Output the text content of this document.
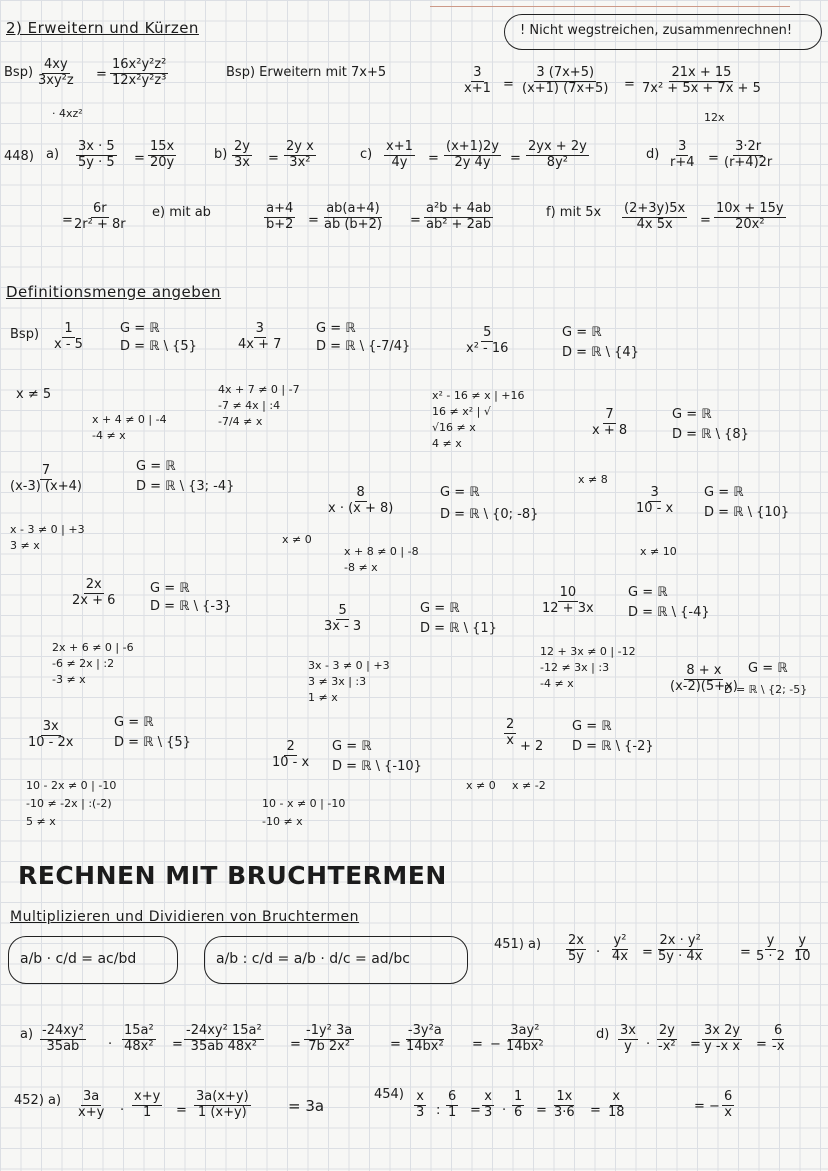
2) Erweitern und Kürzen	! Nicht wegstreichen, zusammenrechnen!
$Bsp) \frac{4xy}{\text{3xy²z}} = \frac{\text{16x²y²z²}}{\text{12x²y²z³}}$
· 4xz²
Bsp) Erweitern mit 7x+5	$\frac{3}{x+1} = \frac{3 (7x+5)}{(x+1) (7x+5)} = \frac{21x + 15}{\text{7x² + 5x + 7x + 5}}$
12x
448) $a) \frac{3x \cdot 5}{5y \cdot 5} = \frac{15x}{20y}$	$b) \frac{2y}{3x} = \frac{\text{2y x}}{\text{3x²}}$	$c) \frac{x+1}{4y} = \frac{(x+1)2y}{2y 4y} = \frac{2yx + 2y}{\text{8y²}}$	$d) \frac{3}{r+4} = \frac{3\cdot 2r}{(r+4)2r}$
= $\frac{6r}{\text{2r² + 8r}} e$) mit ab	$\frac{a+4}{b+2} = \frac{ab(a+4)}{ab (b+2)} = \frac{\text{a²b + 4ab}}{\text{ab² + 2ab}}$	f) mit $5x \frac{(2+3y)5x}{4x 5x} = \frac{10x + 15y}{\text{20x²}}$
Definitionsmenge angeben
$Bsp) \frac{1}{x - 5}$	G = ℝ
D = ℝ \ {5}
x ≠ 5
$\frac{3}{4x + 7}$	G = ℝ
D = ℝ \ {-7/4}
4x + 7 ≠ 0 | -7
-7 ≠ 4x | :4
-7/4 ≠ x
$\frac{5}{\text{x² - 16}}$	G = ℝ
D = ℝ \ {4}
x² - 16 ≠ x | +16
16 ≠ x² | √
√16 ≠ x
4 ≠ x
x + 4 ≠ 0 | -4
-4 ≠ x
$\frac{7}{(x-3) (x+4)}$	G = ℝ
D = ℝ \ {3; -4}
x - 3 ≠ 0 | +3
3 ≠ x
$\frac{7}{x + 8}$	G = ℝ
D = ℝ \ {8}
x ≠ 8
$\frac{8}{x \cdot (x + 8)}$	G = ℝ
D = ℝ \ {0; -8}
x ≠ 0
x + 8 ≠ 0 | -8
-8 ≠ x
$\frac{3}{10 - x}$ G = ℝ
D = ℝ \ {10}
x ≠ 10
$\frac{2x}{2x + 6}$	G = ℝ
D = ℝ \ {-3}
2x + 6 ≠ 0 | -6
-6 ≠ 2x | :2
-3 ≠ x
$\frac{5}{3x - 3}$	G = ℝ
D = ℝ \ {1}
3x - 3 ≠ 0 | +3
3 ≠ 3x | :3
1 ≠ x
$\frac{10}{12 + 3x}$ G = ℝ
D = ℝ \ {-4}
12 + 3x ≠ 0 | -12
-12 ≠ 3x | :3
-4 ≠ x	$\frac{8 + x}{(x-2)(5+x)}$ G = ℝ
D = ℝ \ {2; -5}
$\frac{3x}{10 - 2x}$	G = ℝ
D = ℝ \ {5}
10 - 2x ≠ 0 | -10
-10 ≠ -2x | :(-2)
5 ≠ x
$\frac{2}{10 - x}$ G = ℝ
D = ℝ \ {-10}
10 - x ≠ 0 | -10
-10 ≠ x
$\frac{2}{x} + 2$
G = ℝ
D = ℝ \ {-2}
x ≠ 0 x ≠ -2
RECHNEN MIT BRUCHTERMEN
Multiplizieren und Dividieren von Bruchtermen
a/b · c/d = ac/bd	a/b : c/d = a/b · d/c = ad/bc
451) $a) \frac{2x}{5y} \cdot \frac{\text{y²}}{4x} = \frac{\text{2x · y²}}{5y \cdot 4x}$	= $\frac{y}{5 \cdot 2} \frac{y}{10}$
$a) \frac{\text{-24xy²}}{35ab} \cdot \frac{\text{15a²}}{\text{48x²}} = \frac{\text{-24xy² 15a²}}{\text{35ab 48x²}} = \frac{\text{-1y² 3a}}{\text{7b 2x²}}$	= $\frac{\text{-3y²a}}{\text{14bx²}}$ = − $\frac{\text{3ay²}}{\text{14bx²}}$	$d) \frac{3x}{y} \cdot \frac{2y}{\text{-x²}} = \frac{3x 2y}{\text{y -x x}} = \frac{6}{-x}$
452) $a) \frac{3a}{x+y} \cdot \frac{x+y}{1} = \frac{3a(x+y)}{1 (x+y)} = 3a$
$454) \frac{x}{3}$ : $\frac{6}{1} = \frac{x}{3} \cdot \frac{1}{6} = \frac{1x}{3\cdot 6} = \frac{x}{18}$	= − $\frac{6}{x}$
